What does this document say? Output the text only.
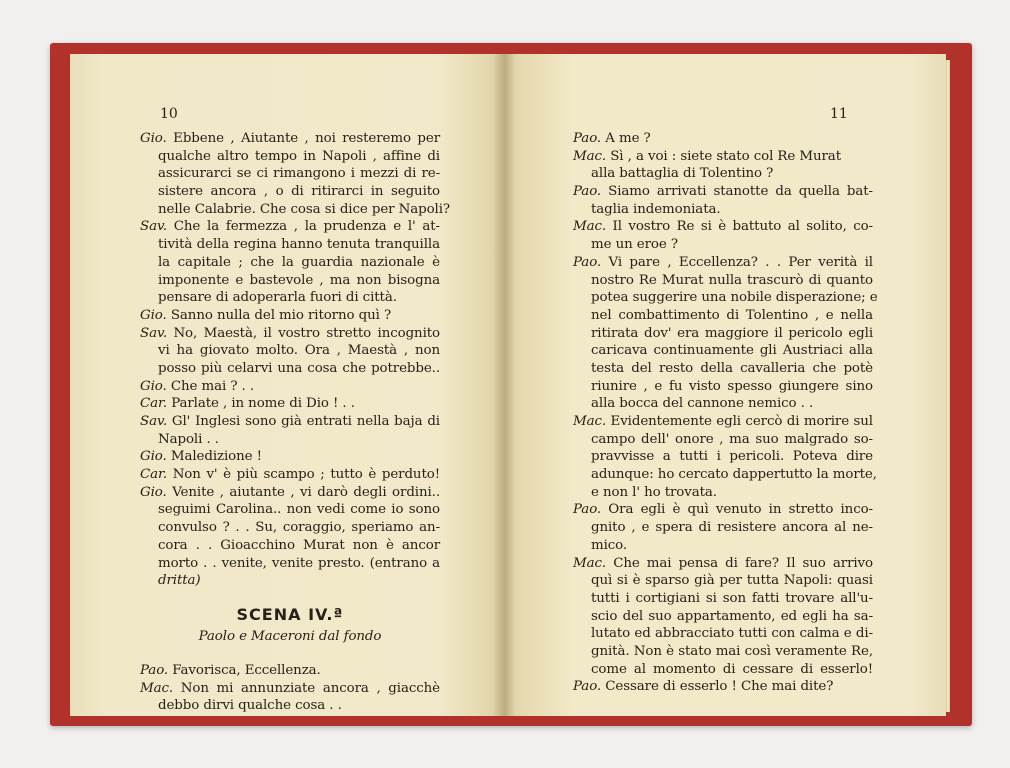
10
Gio. Ebbene , Aiutante , noi resteremo per
qualche altro tempo in Napoli , affine di
assicurarci se ci rimangono i mezzi di re-
sistere ancora , o di ritirarci in seguito
nelle Calabrie. Che cosa si dice per Napoli?
Sav. Che la fermezza , la prudenza e l' at-
tività della regina hanno tenuta tranquilla
la capitale ; che la guardia nazionale è
imponente e bastevole , ma non bisogna
pensare di adoperarla fuori di città.
Gio. Sanno nulla del mio ritorno quì ?
Sav. No, Maestà, il vostro stretto incognito
vi ha giovato molto. Ora , Maestà , non
posso più celarvi una cosa che potrebbe..
Gio. Che mai ? . .
Car. Parlate , in nome di Dio ! . .
Sav. Gl' Inglesi sono già entrati nella baja di
Napoli . .
Gio. Maledizione !
Car. Non v' è più scampo ; tutto è perduto!
Gio. Venite , aiutante , vi darò degli ordini..
seguimi Carolina.. non vedi come io sono
convulso ? . . Su, coraggio, speriamo an-
cora . . Gioacchino Murat non è ancor
morto . . venite, venite presto. (entrano a
dritta)
SCENA IV.ª
Paolo e Maceroni dal fondo
Pao. Favorisca, Eccellenza.
Mac. Non mi annunziate ancora , giacchè
debbo dirvi qualche cosa . .
11
Pao. A me ?
Mac. Sì , a voi : siete stato col Re Murat
alla battaglia di Tolentino ?
Pao. Siamo arrivati stanotte da quella bat-
taglia indemoniata.
Mac. Il vostro Re si è battuto al solito, co-
me un eroe ?
Pao. Vi pare , Eccellenza? . . Per verità il
nostro Re Murat nulla trascurò di quanto
potea suggerire una nobile disperazione; e
nel combattimento di Tolentino , e nella
ritirata dov' era maggiore il pericolo egli
caricava continuamente gli Austriaci alla
testa del resto della cavalleria che potè
riunire , e fu visto spesso giungere sino
alla bocca del cannone nemico . .
Mac. Evidentemente egli cercò di morire sul
campo dell' onore , ma suo malgrado so-
pravvisse a tutti i pericoli. Poteva dire
adunque: ho cercato dappertutto la morte,
e non l' ho trovata.
Pao. Ora egli è quì venuto in stretto inco-
gnito , e spera di resistere ancora al ne-
mico.
Mac. Che mai pensa di fare? Il suo arrivo
quì si è sparso già per tutta Napoli: quasi
tutti i cortigiani si son fatti trovare all'u-
scio del suo appartamento, ed egli ha sa-
lutato ed abbracciato tutti con calma e di-
gnità. Non è stato mai così veramente Re,
come al momento di cessare di esserlo!
Pao. Cessare di esserlo ! Che mai dite?
